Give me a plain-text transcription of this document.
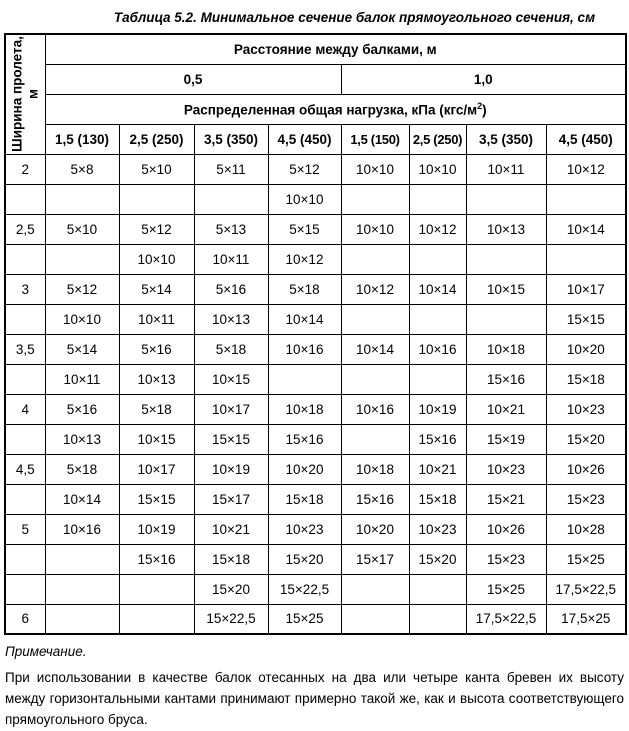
Таблица 5.2. Минимальное сечение балок прямоугольного сечения, см
Ширина пролета, м	Расстояние между балками, м							
	0,5				1,0			
	Распределенная общая нагрузка, кПа $(кгс/м^2)$							
	1,5 (130)	2,5 (250)	3,5 (350)	4,5 (450)	1,5 (150)	2,5 (250)	3,5 (350)	4,5 (450)
2	5×8	5×10	5×11	5×12	10×10	10×10	10×11	10×12
				10×10				
2,5	5×10	5×12	5×13	5×15	10×10	10×12	10×13	10×14
		10×10	10×11	10×12				
3	5×12	5×14	5×16	5×18	10×12	10×14	10×15	10×17
	10×10	10×11	10×13	10×14				15×15
3,5	5×14	5×16	5×18	10×16	10×14	10×16	10×18	10×20
	10×11	10×13	10×15				15×16	15×18
4	5×16	5×18	10×17	10×18	10×16	10×19	10×21	10×23
	10×13	10×15	15×15	15×16		15×16	15×19	15×20
4,5	5×18	10×17	10×19	10×20	10×18	10×21	10×23	10×26
	10×14	15×15	15×17	15×18	15×16	15×18	15×21	15×23
5	10×16	10×19	10×21	10×23	10×20	10×23	10×26	10×28
		15×16	15×18	15×20	15×17	15×20	15×23	15×25
			15×20	15×22,5			15×25	17,5×22,5
6			15×22,5	15×25			17,5×22,5	17,5×25
Примечание.

При использовании в качестве балок отесанных на два или четыре канта бревен их высоту между горизонтальными кантами принимают примерно такой же, как и высота соответствующего прямоугольного бруса.
